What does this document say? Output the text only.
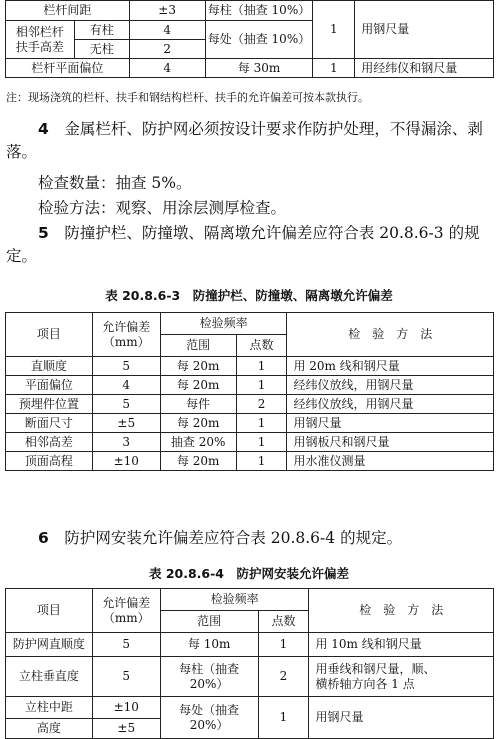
栏杆间距		±3	每柱（抽查 10%）	1	用钢尺量

相邻栏杆
扶手高差	有柱	4	每处（抽查 10%）		
	无柱	2			
栏杆平面偏位		4	每 30m	1	用经纬仪和钢尺量
注：现场浇筑的栏杆、扶手和钢结构栏杆、扶手的允许偏差可按本款执行。
4　 金属栏杆、防护网必须按设计要求作防护处理，不得漏涂、剥落。
检查数量：抽查 5%。
检验方法：观察、用涂层测厚检查。
5　 防撞护栏、防撞墩、隔离墩允许偏差应符合表 20.8.6-3 的规定。
表 20.8.6-3　防撞护栏、防撞墩、隔离墩允许偏差
项目	允许偏差
（mm）	检验频率		检　验　方　法
		范围	点数	
直顺度	5	每 20m	1	用 20m 线和钢尺量
平面偏位	4	每 20m	1	经纬仪放线，用钢尺量
预埋件位置	5	每件	2	经纬仪放线，用钢尺量
断面尺寸	±5	每 20m	1	用钢尺量
相邻高差	3	抽查 20%	1	用钢板尺和钢尺量
顶面高程	±10	每 20m	1	用水准仪测量
6　 防护网安装允许偏差应符合表 20.8.6-4 的规定。
表 20.8.6-4　防护网安装允许偏差
项目	允许偏差
（mm）	检验频率		检　验　方　法
		范围	点数	
防护网直顺度	5	每 10m	1	用 10m 线和钢尺量
立柱垂直度	5	每柱（抽查 20%）	2	用垂线和钢尺量，顺、
横桥轴方向各 1 点

立柱中距	±10	每处（抽查 20%）	1	用钢尺量
高度	±5			
